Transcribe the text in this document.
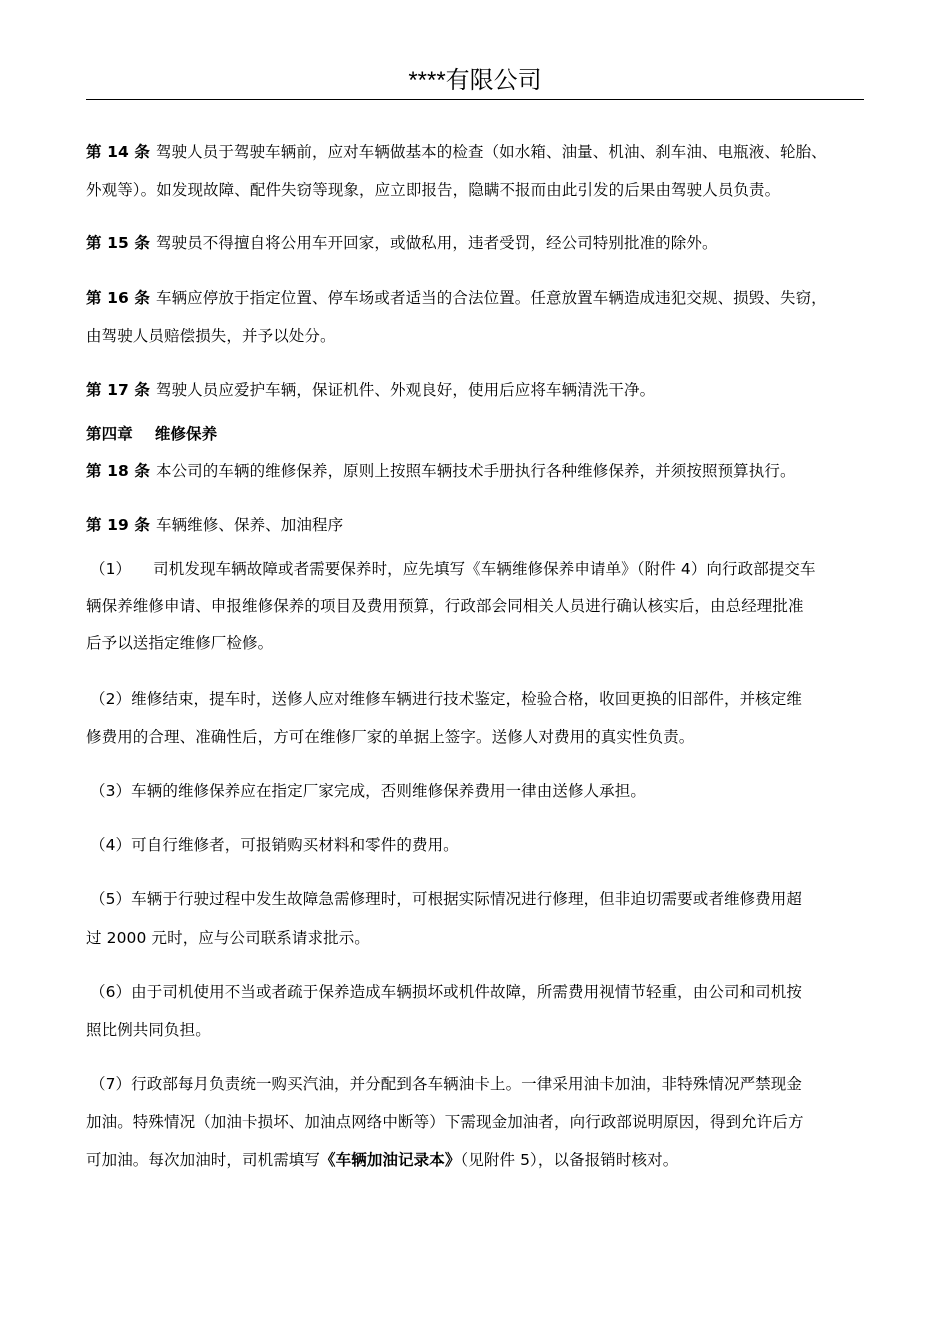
****有限公司
第 14 条 驾驶人员于驾驶车辆前，应对车辆做基本的检查（如水箱、油量、机油、刹车油、电瓶液、轮胎、
外观等）。如发现故障、配件失窃等现象，应立即报告，隐瞒不报而由此引发的后果由驾驶人员负责。
第 15 条 驾驶员不得擅自将公用车开回家，或做私用，违者受罚，经公司特别批准的除外。
第 16 条 车辆应停放于指定位置、停车场或者适当的合法位置。任意放置车辆造成违犯交规、损毁、失窃，
由驾驶人员赔偿损失，并予以处分。
第 17 条 驾驶人员应爱护车辆，保证机件、外观良好，使用后应将车辆清洗干净。
第四章 维修保养
第 18 条 本公司的车辆的维修保养，原则上按照车辆技术手册执行各种维修保养，并须按照预算执行。
第 19 条 车辆维修、保养、加油程序
（1） 司机发现车辆故障或者需要保养时，应先填写《车辆维修保养申请单》（附件 4）向行政部提交车
辆保养维修申请、申报维修保养的项目及费用预算，行政部会同相关人员进行确认核实后，由总经理批准
后予以送指定维修厂检修。
（2）维修结束，提车时，送修人应对维修车辆进行技术鉴定，检验合格，收回更换的旧部件，并核定维
修费用的合理、准确性后，方可在维修厂家的单据上签字。送修人对费用的真实性负责。
（3）车辆的维修保养应在指定厂家完成，否则维修保养费用一律由送修人承担。
（4）可自行维修者，可报销购买材料和零件的费用。
（5）车辆于行驶过程中发生故障急需修理时，可根据实际情况进行修理，但非迫切需要或者维修费用超
过 2000 元时，应与公司联系请求批示。
（6）由于司机使用不当或者疏于保养造成车辆损坏或机件故障，所需费用视情节轻重，由公司和司机按
照比例共同负担。
（7）行政部每月负责统一购买汽油，并分配到各车辆油卡上。一律采用油卡加油，非特殊情况严禁现金
加油。特殊情况（加油卡损坏、加油点网络中断等）下需现金加油者，向行政部说明原因，得到允许后方
可加油。每次加油时，司机需填写《车辆加油记录本》（见附件 5），以备报销时核对。
